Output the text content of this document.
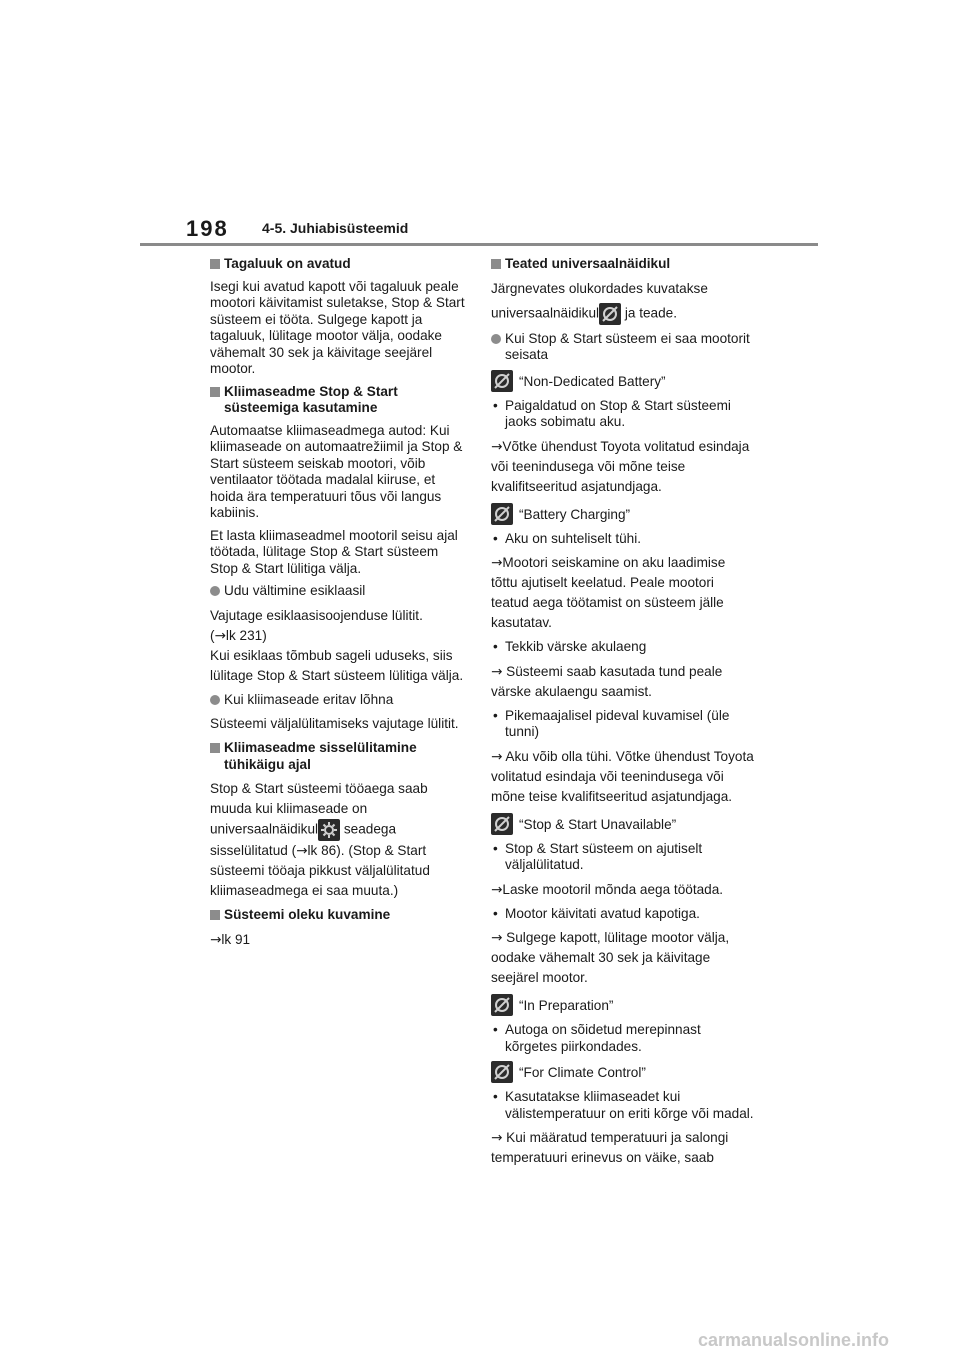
198 4-5. Juhiabisüsteemid
Tagaluuk on avatud
Isegi kui avatud kapott või tagaluuk peale mootori käivitamist suletakse, Stop & Start süsteem ei tööta. Sulgege kapott ja tagaluuk, lülitage mootor välja, oodake vähemalt 30 sek ja käivitage seejärel mootor.
Kliimaseadme Stop & Start süsteemiga kasutamine
Automaatse kliimaseadmega autod: Kui kliimaseade on automaatrežiimil ja Stop & Start süsteem seiskab mootori, võib ventilaator töötada madalal kiiruse, et hoida ära temperatuuri tõus või langus kabiinis.
Et lasta kliimaseadmel mootoril seisu ajal töötada, lülitage Stop & Start süsteem Stop & Start lülitiga välja.
Udu vältimine esiklaasil
Vajutage esiklaasisoojenduse lülitit.
(→lk 231)
Kui esiklaas tõmbub sageli uduseks, siis lülitage Stop & Start süsteem lülitiga välja.
Kui kliimaseade eritav lõhna
Süsteemi väljalülitamiseks vajutage lülitit.
Kliimaseadme sisselülitamine tühikäigu ajal
Stop & Start süsteemi tööaega saab muuda kui kliimaseade on universaalnäidikul seadega sisselülitatud (→lk 86). (Stop & Start süsteemi tööaja pikkust väljalülitatud kliimaseadmega ei saa muuta.)
Süsteemi oleku kuvamine
→lk 91
Teated universaalnäidikul
Järgnevates olukordades kuvatakse
universaalnäidikul ja teade.
Kui Stop & Start süsteem ei saa mootorit seisata
“Non-Dedicated Battery”
• Paigaldatud on Stop & Start süsteemi jaoks sobimatu aku.
→Võtke ühendust Toyota volitatud esindaja või teenindusega või mõne teise kvalifitseeritud asjatundjaga.
“Battery Charging”
• Aku on suhteliselt tühi.
→Mootori seiskamine on aku laadimise tõttu ajutiselt keelatud. Peale mootori teatud aega töötamist on süsteem jälle kasutatav.
• Tekkib värske akulaeng
→ Süsteemi saab kasutada tund peale värske akulaengu saamist.
• Pikemaajalisel pideval kuvamisel (üle tunni)
→ Aku võib olla tühi. Võtke ühendust Toyota volitatud esindaja või teenindusega või mõne teise kvalifitseeritud asjatundjaga.
“Stop & Start Unavailable”
• Stop & Start süsteem on ajutiselt väljalülitatud.
→Laske mootoril mõnda aega töötada.
• Mootor käivitati avatud kapotiga.
→ Sulgege kapott, lülitage mootor välja, oodake vähemalt 30 sek ja käivitage seejärel mootor.
“In Preparation”
• Autoga on sõidetud merepinnast kõrgetes piirkondades.
“For Climate Control”
• Kasutatakse kliimaseadet kui välistemperatuur on eriti kõrge või madal.
→ Kui määratud temperatuuri ja salongi temperatuuri erinevus on väike, saab
carmanualsonline.info
